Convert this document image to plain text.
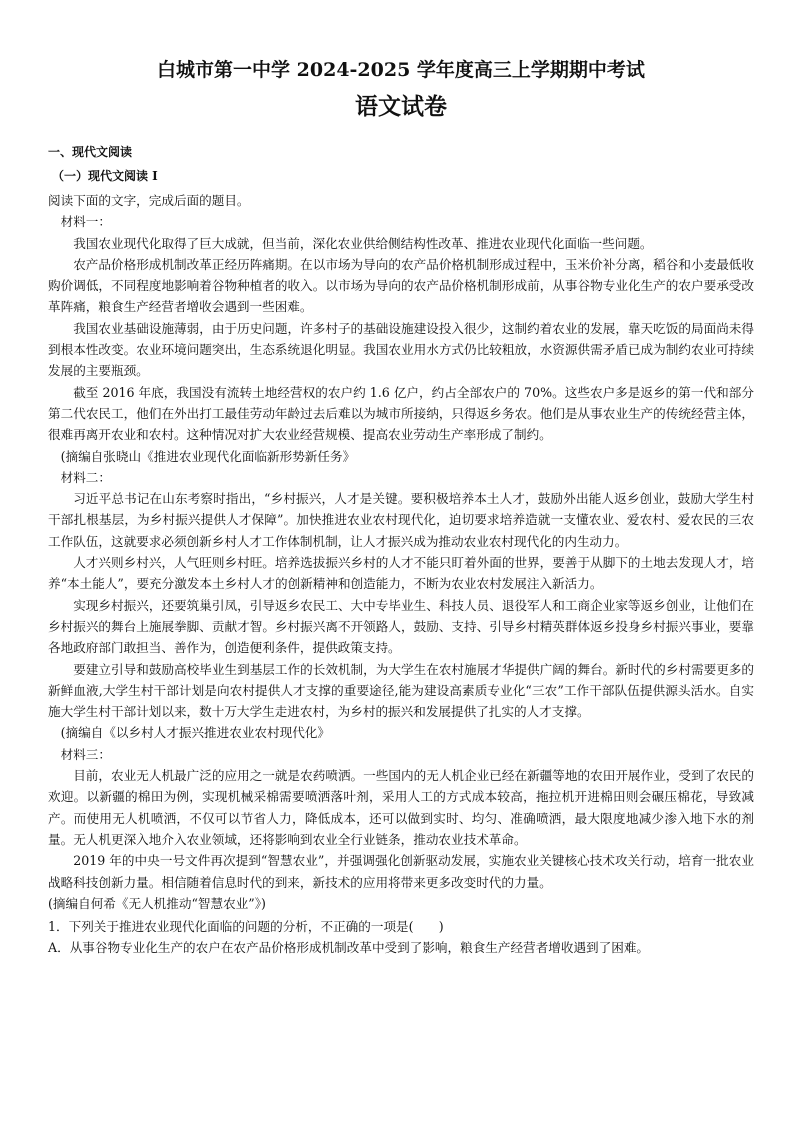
白城市第一中学 2024-2025 学年度高三上学期期中考试
语文试卷
一、现代文阅读
（一）现代文阅读 I

阅读下面的文字，完成后面的题目。

材料一：

我国农业现代化取得了巨大成就，但当前，深化农业供给侧结构性改革、推进农业现代化面临一些问题。

农产品价格形成机制改革正经历阵痛期。在以市场为导向的农产品价格机制形成过程中，玉米价补分离，稻谷和小麦最低收购价调低，不同程度地影响着谷物种植者的收入。以市场为导向的农产品价格机制形成前，从事谷物专业化生产的农户要承受改革阵痛，粮食生产经营者增收会遇到一些困难。

我国农业基础设施薄弱，由于历史问题，许多村子的基础设施建设投入很少，这制约着农业的发展，靠天吃饭的局面尚未得到根本性改变。农业环境问题突出，生态系统退化明显。我国农业用水方式仍比较粗放，水资源供需矛盾已成为制约农业可持续发展的主要瓶颈。

截至 2016 年底，我国没有流转土地经营权的农户约 1.6 亿户，约占全部农户的 70%。这些农户多是返乡的第一代和部分第二代农民工，他们在外出打工最佳劳动年龄过去后难以为城市所接纳，只得返乡务农。他们是从事农业生产的传统经营主体，很难再离开农业和农村。这种情况对扩大农业经营规模、提高农业劳动生产率形成了制约。

(摘编自张晓山《推进农业现代化面临新形势新任务》

材料二：

习近平总书记在山东考察时指出，“乡村振兴，人才是关键。要积极培养本土人才，鼓励外出能人返乡创业，鼓励大学生村干部扎根基层，为乡村振兴提供人才保障”。加快推进农业农村现代化，迫切要求培养造就一支懂农业、爱农村、爱农民的三农工作队伍，这就要求必须创新乡村人才工作体制机制，让人才振兴成为推动农业农村现代化的内生动力。

人才兴则乡村兴，人气旺则乡村旺。培养选拔振兴乡村的人才不能只盯着外面的世界，要善于从脚下的土地去发现人才，培养“本土能人”，要充分激发本土乡村人才的创新精神和创造能力，不断为农业农村发展注入新活力。

实现乡村振兴，还要筑巢引凤，引导返乡农民工、大中专毕业生、科技人员、退役军人和工商企业家等返乡创业，让他们在乡村振兴的舞台上施展拳脚、贡献才智。乡村振兴离不开领路人，鼓励、支持、引导乡村精英群体返乡投身乡村振兴事业，要靠各地政府部门敢担当、善作为，创造便利条件，提供政策支持。

要建立引导和鼓励高校毕业生到基层工作的长效机制，为大学生在农村施展才华提供广阔的舞台。新时代的乡村需要更多的新鲜血液,大学生村干部计划是向农村提供人才支撑的重要途径,能为建设高素质专业化“三农”工作干部队伍提供源头活水。自实施大学生村干部计划以来，数十万大学生走进农村，为乡村的振兴和发展提供了扎实的人才支撑。

(摘编自《以乡村人才振兴推进农业农村现代化》

材料三：

目前，农业无人机最广泛的应用之一就是农药喷洒。一些国内的无人机企业已经在新疆等地的农田开展作业，受到了农民的欢迎。以新疆的棉田为例，实现机械采棉需要喷洒落叶剂，采用人工的方式成本较高，拖拉机开进棉田则会碾压棉花，导致减产。而使用无人机喷洒，不仅可以节省人力，降低成本，还可以做到实时、均匀、准确喷洒，最大限度地减少渗入地下水的剂量。无人机更深入地介入农业领域，还将影响到农业全行业链条，推动农业技术革命。

2019 年的中央一号文件再次提到“智慧农业”，并强调强化创新驱动发展，实施农业关键核心技术攻关行动，培育一批农业战略科技创新力量。相信随着信息时代的到来，新技术的应用将带来更多改变时代的力量。

(摘编自何希《无人机推动“智慧农业”》)

1．下列关于推进农业现代化面临的问题的分析，不正确的一项是(　　)

A．从事谷物专业化生产的农户在农产品价格形成机制改革中受到了影响，粮食生产经营者增收遇到了困难。
